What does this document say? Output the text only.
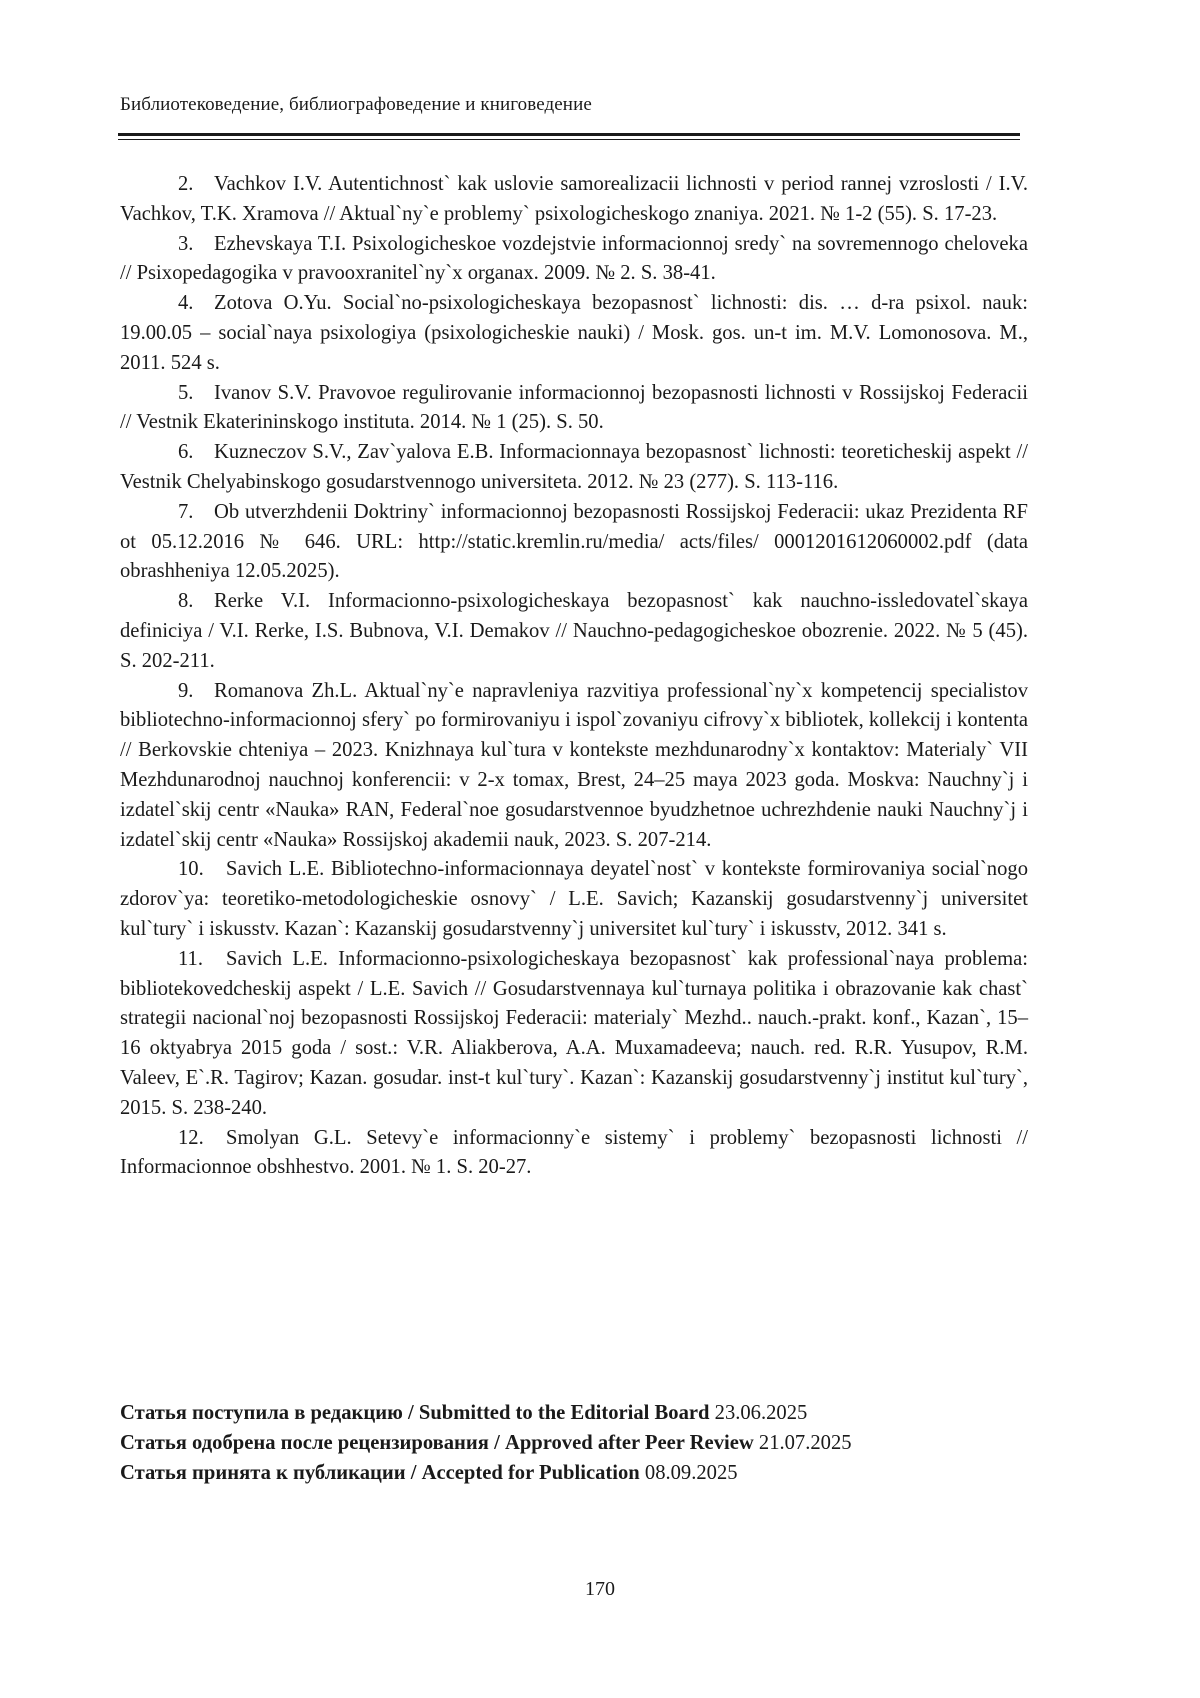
Библиотековедение, библиографоведение и книговедение
2. Vachkov I.V. Autentichnost` kak uslovie samorealizacii lichnosti v period rannej vzroslosti / I.V. Vachkov, T.K. Xramova // Aktual`ny`e problemy` psixologicheskogo znaniya. 2021. № 1-2 (55). S. 17-23.
3. Ezhevskaya T.I. Psixologicheskoe vozdejstvie informacionnoj sredy` na sovremennogo cheloveka // Psixopedagogika v pravooxranitel`ny`x organax. 2009. № 2. S. 38-41.
4. Zotova O.Yu. Social`no-psixologicheskaya bezopasnost` lichnosti: dis. … d-ra psixol. nauk: 19.00.05 – social`naya psixologiya (psixologicheskie nauki) / Mosk. gos. un-t im. M.V. Lomonosova. M., 2011. 524 s.
5. Ivanov S.V. Pravovoe regulirovanie informacionnoj bezopasnosti lichnosti v Rossijskoj Federacii // Vestnik Ekaterininskogo instituta. 2014. № 1 (25). S. 50.
6. Kuzneczov S.V., Zav`yalova E.B. Informacionnaya bezopasnost` lichnosti: teoreticheskij aspekt // Vestnik Chelyabinskogo gosudarstvennogo universiteta. 2012. № 23 (277). S. 113-116.
7. Ob utverzhdenii Doktriny` informacionnoj bezopasnosti Rossijskoj Federacii: ukaz Prezidenta RF ot 05.12.2016 № 646. URL: http://static.kremlin.ru/media/ acts/files/ 0001201612060002.pdf (data obrashheniya 12.05.2025).
8. Rerke V.I. Informacionno-psixologicheskaya bezopasnost` kak nauchno-issledovatel`skaya definiciya / V.I. Rerke, I.S. Bubnova, V.I. Demakov // Nauchno-pedagogicheskoe obozrenie. 2022. № 5 (45). S. 202-211.
9. Romanova Zh.L. Aktual`ny`e napravleniya razvitiya professional`ny`x kompetencij specialistov bibliotechno-informacionnoj sfery` po formirovaniyu i ispol`zovaniyu cifrovy`x bibliotek, kollekcij i kontenta // Berkovskie chteniya – 2023. Knizhnaya kul`tura v kontekste mezhdunarodny`x kontaktov: Materialy` VII Mezhdunarodnoj nauchnoj konferencii: v 2-x tomax, Brest, 24–25 maya 2023 goda. Moskva: Nauchny`j i izdatel`skij centr «Nauka» RAN, Federal`noe gosudarstvennoe byudzhetnoe uchrezhdenie nauki Nauchny`j i izdatel`skij centr «Nauka» Rossijskoj akademii nauk, 2023. S. 207-214.
10. Savich L.E. Bibliotechno-informacionnaya deyatel`nost` v kontekste formirovaniya social`nogo zdorov`ya: teoretiko-metodologicheskie osnovy` / L.E. Savich; Kazanskij gosudarstvenny`j universitet kul`tury` i iskusstv. Kazan`: Kazanskij gosudarstvenny`j universitet kul`tury` i iskusstv, 2012. 341 s.
11. Savich L.E. Informacionno-psixologicheskaya bezopasnost` kak professional`naya problema: bibliotekovedcheskij aspekt / L.E. Savich // Gosudarstvennaya kul`turnaya politika i obrazovanie kak chast` strategii nacional`noj bezopasnosti Rossijskoj Federacii: materialy` Mezhd.. nauch.-prakt. konf., Kazan`, 15–16 oktyabrya 2015 goda / sost.: V.R. Aliakberova, A.A. Muxamadeeva; nauch. red. R.R. Yusupov, R.M. Valeev, E`.R. Tagirov; Kazan. gosudar. inst-t kul`tury`. Kazan`: Kazanskij gosudarstvenny`j institut kul`tury`, 2015. S. 238-240.
12. Smolyan G.L. Setevy`e informacionny`e sistemy` i problemy` bezopasnosti lichnosti // Informacionnoe obshhestvo. 2001. № 1. S. 20-27.
Статья поступила в редакцию / Submitted to the Editorial Board 23.06.2025
Статья одобрена после рецензирования / Approved after Peer Review 21.07.2025
Статья принята к публикации / Accepted for Publication 08.09.2025
170
